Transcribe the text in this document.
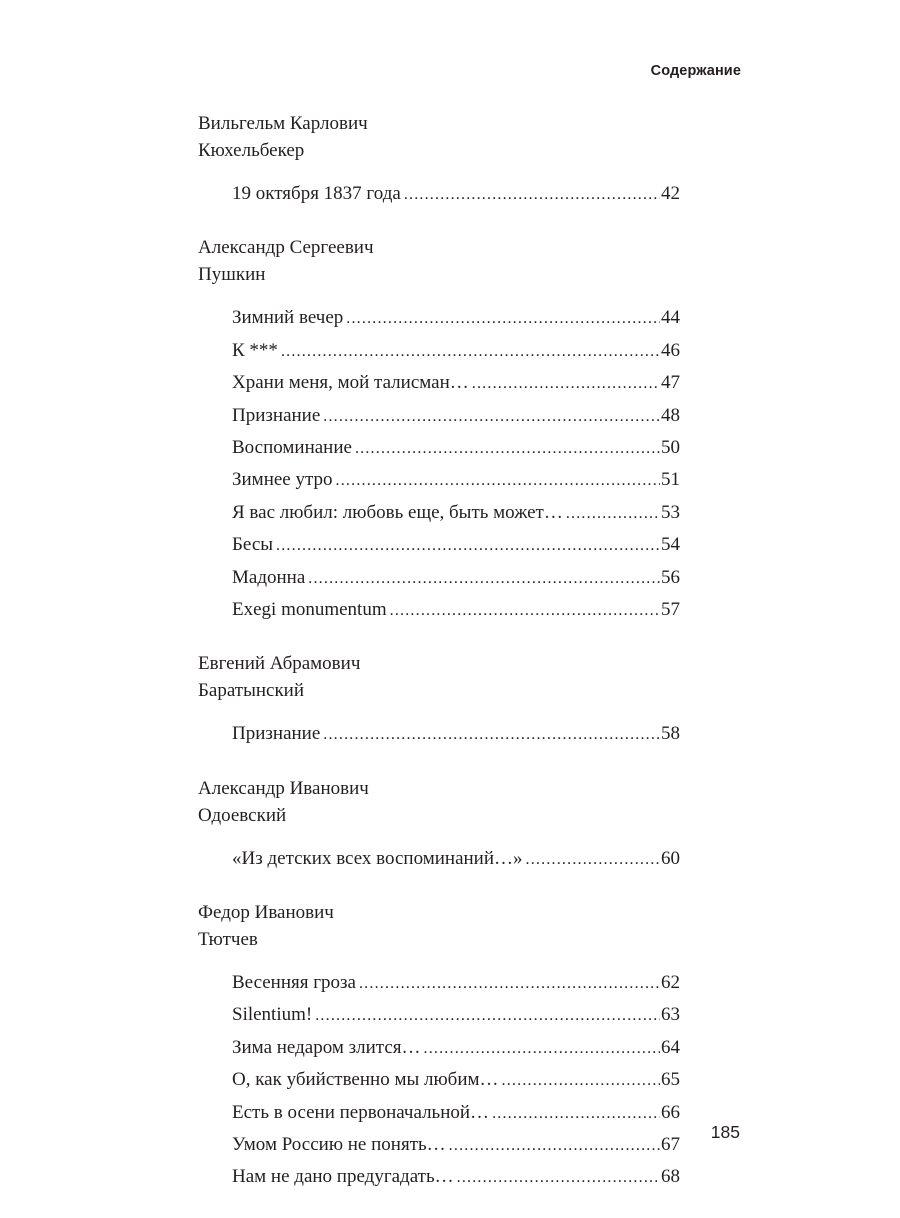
Содержание
Вильгельм Карлович
Кюхельбекер
19 октября 1837 года .....	42
Александр Сергеевич
Пушкин
Зимний вечер .....	44
К *** .....	46
Храни меня, мой талисман… .....	47
Признание .....	48
Воспоминание .....	50
Зимнее утро .....	51
Я вас любил: любовь еще, быть может… .....	53
Бесы .....	54
Мадонна .....	56
Exegi monumentum .....	57
Евгений Абрамович
Баратынский
Признание .....	58
Александр Иванович
Одоевский
«Из детских всех воспоминаний…» .....	60
Федор Иванович
Тютчев
Весенняя гроза .....	62
Silentium! .....	63
Зима недаром злится… .....	64
О, как убийственно мы любим… .....	65
Есть в осени первоначальной… .....	66
Умом Россию не понять… .....	67
Нам не дано предугадать… .....	68
185
